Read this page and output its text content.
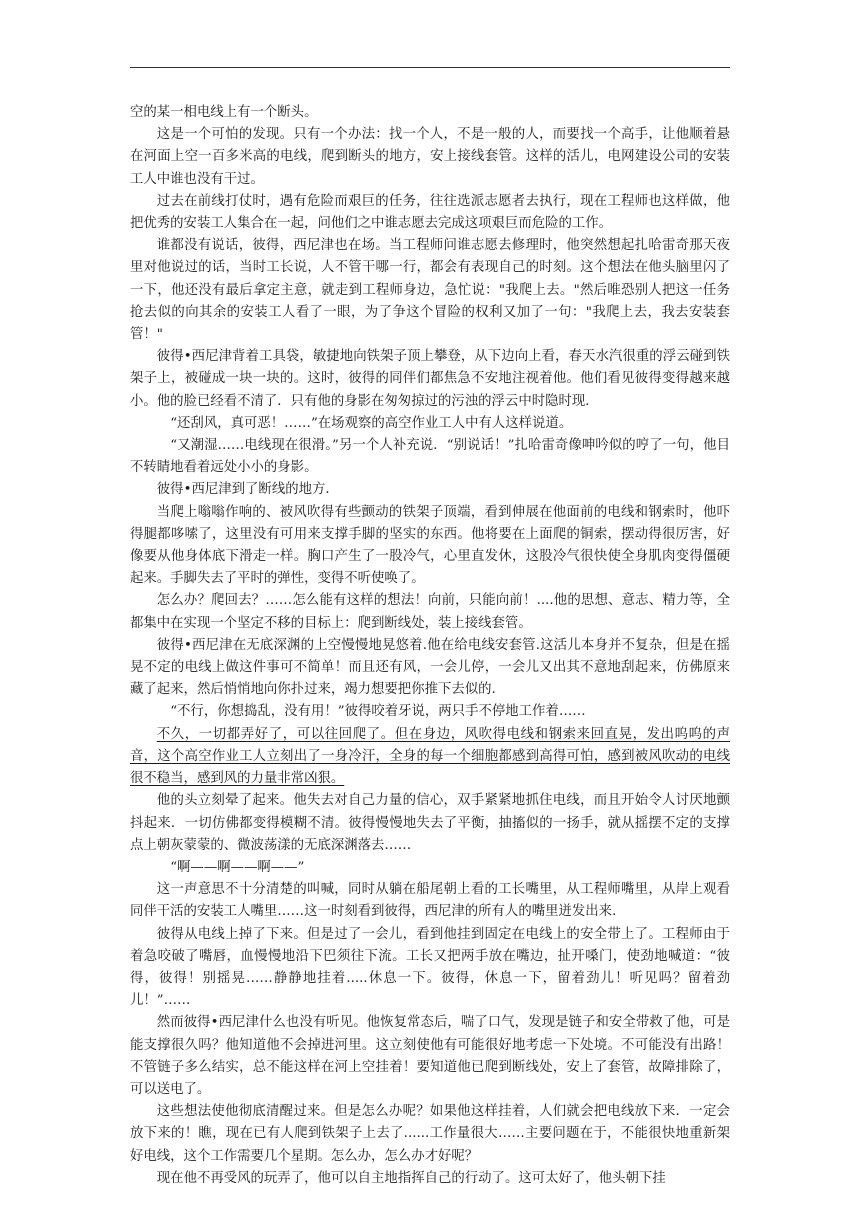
空的某一相电线上有一个断头。

这是一个可怕的发现。只有一个办法：找一个人，不是一般的人，而要找一个高手，让他顺着悬在河面上空一百多米高的电线，爬到断头的地方，安上接线套管。这样的活儿，电网建设公司的安装工人中谁也没有干过。

过去在前线打仗时，遇有危险而艰巨的任务，往往选派志愿者去执行，现在工程师也这样做，他把优秀的安装工人集合在一起，问他们之中谁志愿去完成这项艰巨而危险的工作。

谁都没有说话，彼得，西尼津也在场。当工程师问谁志愿去修理时，他突然想起扎哈雷奇那天夜里对他说过的话，当时工长说，人不管干哪一行，都会有表现自己的时刻。这个想法在他头脑里闪了一下，他还没有最后拿定主意，就走到工程师身边，急忙说："我爬上去。"然后唯恐别人把这一任务抢去似的向其余的安装工人看了一眼，为了争这个冒险的权利又加了一句："我爬上去，我去安装套管！"

彼得•西尼津背着工具袋，敏捷地向铁架子顶上攀登，从下边向上看，春天水汽很重的浮云碰到铁架子上，被碰成一块一块的。这时，彼得的同伴们都焦急不安地注视着他。他们看见彼得变得越来越小。他的脸已经看不清了．只有他的身影在匆匆掠过的污浊的浮云中时隐时现．

“还刮风，真可恶！……”在场观察的高空作业工人中有人这样说道。

“又潮湿……电线现在很滑。”另一个人补充说．“别说话！”扎哈雷奇像呻吟似的哼了一句，他目不转睛地看着远处小小的身影。

彼得•西尼津到了断线的地方．

当爬上嗡嗡作响的、被风吹得有些颤动的铁架子顶端，看到伸展在他面前的电线和钢索时，他吓得腿都哆嗦了，这里没有可用来支撑手脚的坚实的东西。他将要在上面爬的铜索，摆动得很厉害，好像要从他身体底下滑走一样。胸口产生了一股冷气，心里直发休，这股冷气很快使全身肌肉变得僵硬起来。手脚失去了平时的弹性，变得不听使唤了。

怎么办？爬回去？……怎么能有这样的想法！向前，只能向前！....他的思想、意志、精力等，全都集中在实现一个坚定不移的目标上：爬到断线处，装上接线套管。

彼得•西尼津在无底深渊的上空慢慢地晃悠着.他在给电线安套管.这活儿本身并不复杂，但是在摇晃不定的电线上做这件事可不简单！而且还有风，一会儿停，一会儿又出其不意地刮起来，仿佛原来藏了起来，然后悄悄地向你扑过来，竭力想要把你推下去似的.

“不行，你想捣乱，没有用！”彼得咬着牙说，两只手不停地工作着……

不久，一切都弄好了，可以往回爬了。但在身边，风吹得电线和钢索来回直晃，发出呜呜的声音，这个高空作业工人立刻出了一身冷汗，全身的每一个细胞都感到高得可怕，感到被风吹动的电线很不稳当，感到风的力量非常凶狠。

他的头立刻晕了起来。他失去对自己力量的信心，双手紧紧地抓住电线，而且开始令人讨厌地颤抖起来．一切仿佛都变得模糊不清。彼得慢慢地失去了平衡，抽搐似的一扬手，就从摇摆不定的支撑点上朝灰蒙蒙的、微波荡漾的无底深渊落去……

“啊——啊——啊——”

这一声意思不十分清楚的叫喊，同时从躺在船尾朝上看的工长嘴里，从工程师嘴里，从岸上观看同伴干活的安装工人嘴里……这一时刻看到彼得，西尼津的所有人的嘴里迸发出来.

彼得从电线上掉了下来。但是过了一会儿，看到他挂到固定在电线上的安全带上了。工程师由于着急咬破了嘴唇，血慢慢地沿下巴须往下流。工长又把两手放在嘴边，扯开嗓门，使劲地喊道：“彼得，彼得！别摇晃……静静地挂着.....休息一下。彼得，休息一下，留着劲儿！听见吗？留着劲儿！”……

然而彼得•西尼津什么也没有听见。他恢复常态后，喘了口气，发现是链子和安全带救了他，可是能支撑很久吗？他知道他不会掉进河里。这立刻使他有可能很好地考虑一下处境。不可能没有出路！不管链子多么结实，总不能这样在河上空挂着！要知道他已爬到断线处，安上了套管，故障排除了，可以送电了。

这些想法使他彻底清醒过来。但是怎么办呢？如果他这样挂着，人们就会把电线放下来．一定会放下来的！瞧，现在已有人爬到铁架子上去了......工作量很大……主要问题在于，不能很快地重新架好电线，这个工作需要几个星期。怎么办，怎么办才好呢？

现在他不再受风的玩弄了，他可以自主地指挥自己的行动了。这可太好了，他头朝下挂
